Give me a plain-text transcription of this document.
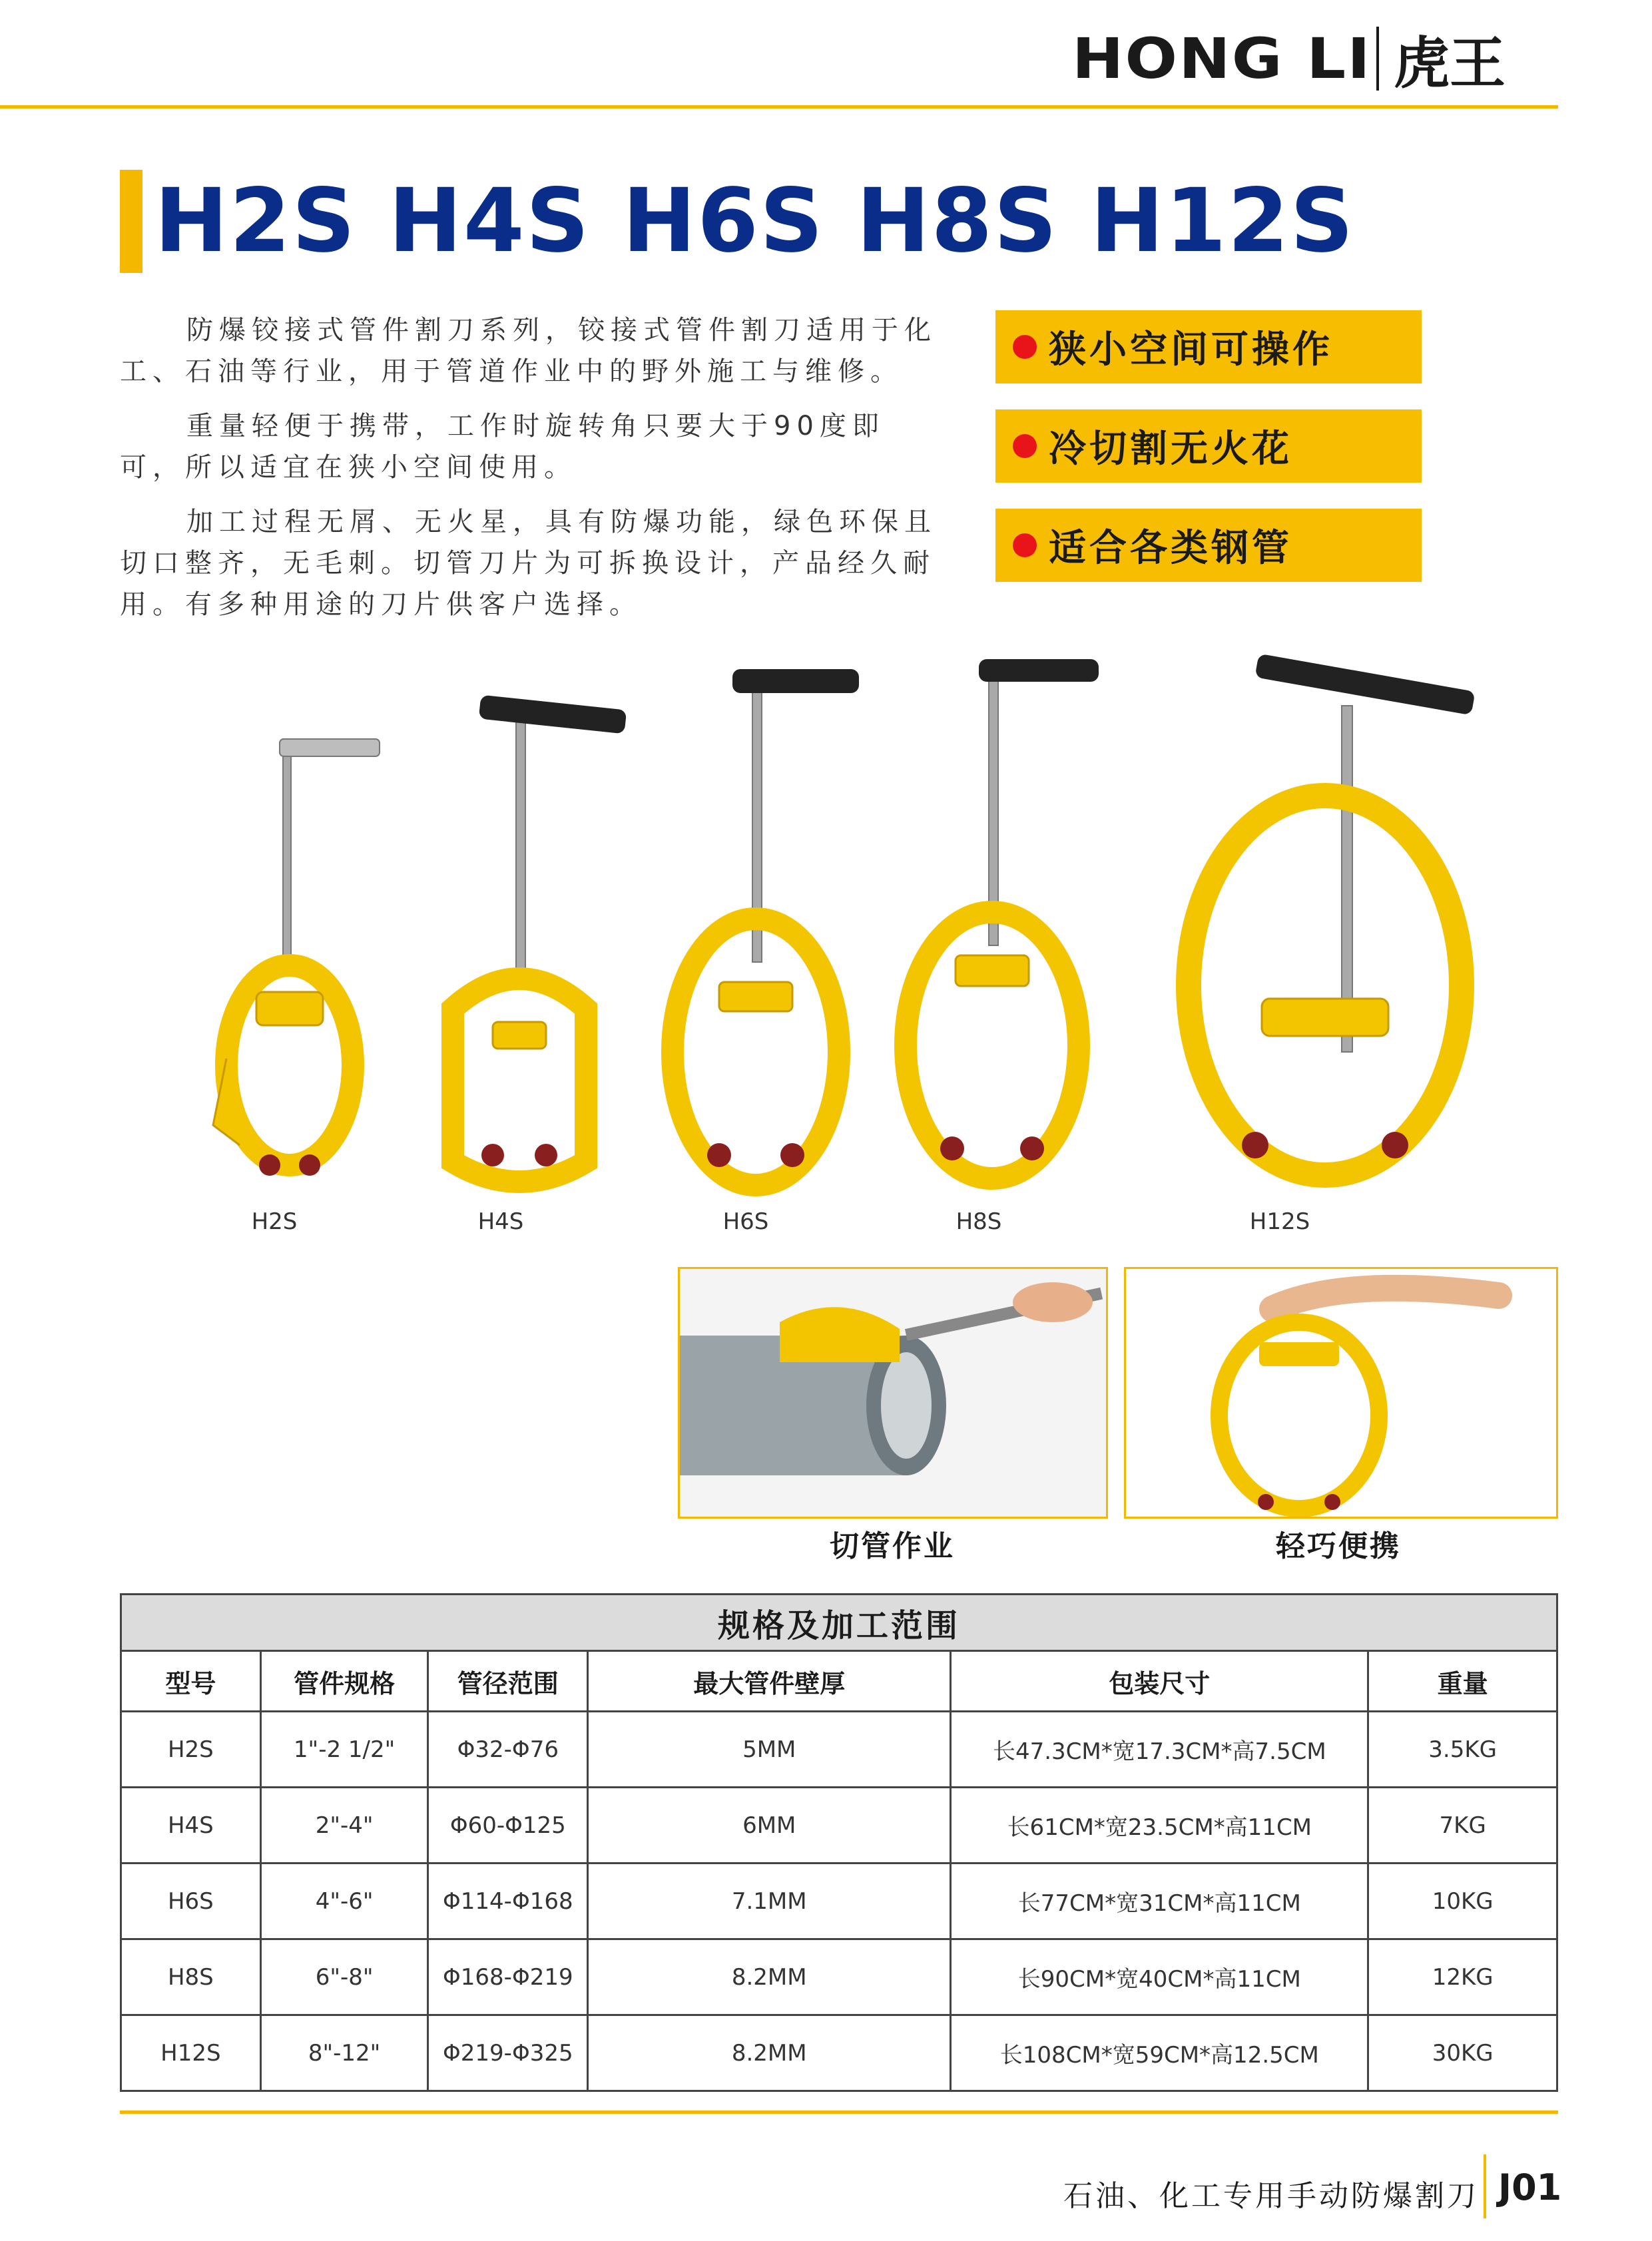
HONG LI 虎王
H2S H4S H6S H8S H12S

防爆铰接式管件割刀系列，铰接式管件割刀适用于化工、石油等行业，用于管道作业中的野外施工与维修。

重量轻便于携带，工作时旋转角只要大于90度即可，所以适宜在狭小空间使用。

加工过程无屑、无火星，具有防爆功能，绿色环保且切口整齐，无毛刺。切管刀片为可拆换设计，产品经久耐用。有多种用途的刀片供客户选择。

狭小空间可操作
冷切割无火花
适合各类钢管
H2S	H4S	H6S	H8S	H12S
切管作业	轻巧便携
规格及加工范围					
型号	管件规格	管径范围	最大管件壁厚	包装尺寸	重量
H2S	1"-2 1/2"	Φ32-Φ76	5MM	长47.3CM*宽17.3CM*高7.5CM	3.5KG
H4S	2"-4"	Φ60-Φ125	6MM	长61CM*宽23.5CM*高11CM	7KG
H6S	4"-6"	Φ114-Φ168	7.1MM	长77CM*宽31CM*高11CM	10KG
H8S	6"-8"	Φ168-Φ219	8.2MM	长90CM*宽40CM*高11CM	12KG
H12S	8"-12"	Φ219-Φ325	8.2MM	长108CM*宽59CM*高12.5CM	30KG
石油、化工专用手动防爆割刀 J01
